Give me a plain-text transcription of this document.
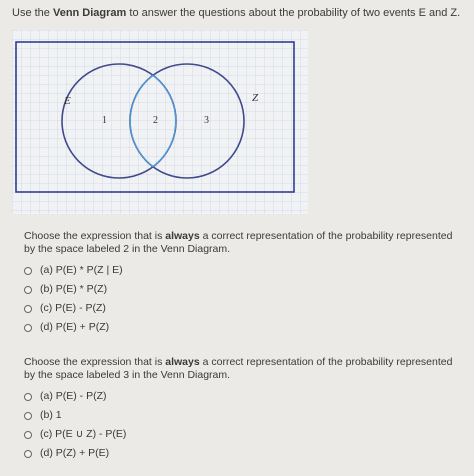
Use the Venn Diagram to answer the questions about the probability of two events E and Z.
E	Z
1	2	3

Choose the expression that is always a correct representation of the probability represented by the space labeled 2 in the Venn Diagram.

(a) P(E) * P(Z | E)
(b) P(E) * P(Z)
(c) P(E) - P(Z)
(d) P(E) + P(Z)

Choose the expression that is always a correct representation of the probability represented by the space labeled 3 in the Venn Diagram.

(a) P(E) - P(Z)
(b) 1
(c) P(E ∪ Z) - P(E)
(d) P(Z) + P(E)
